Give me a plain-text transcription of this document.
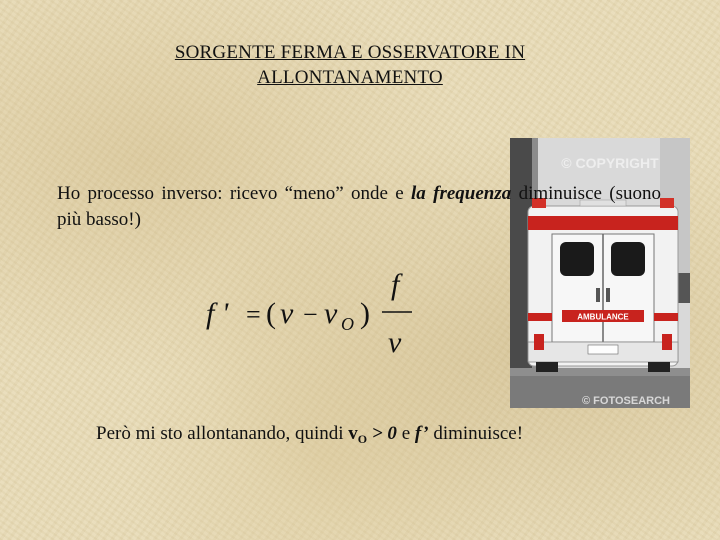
SORGENTE FERMA E OSSERVATORE IN
ALLONTANAMENTO
AMBULANCE
© COPYRIGHT
© FOTOSEARCH
Ho processo inverso: ricevo “meno” onde e la frequenza diminuisce (suono più basso!)
f ' = ( v − v O )
f
v
Però mi sto allontanando, quindi $v_O > 0$ e f’ diminuisce!
